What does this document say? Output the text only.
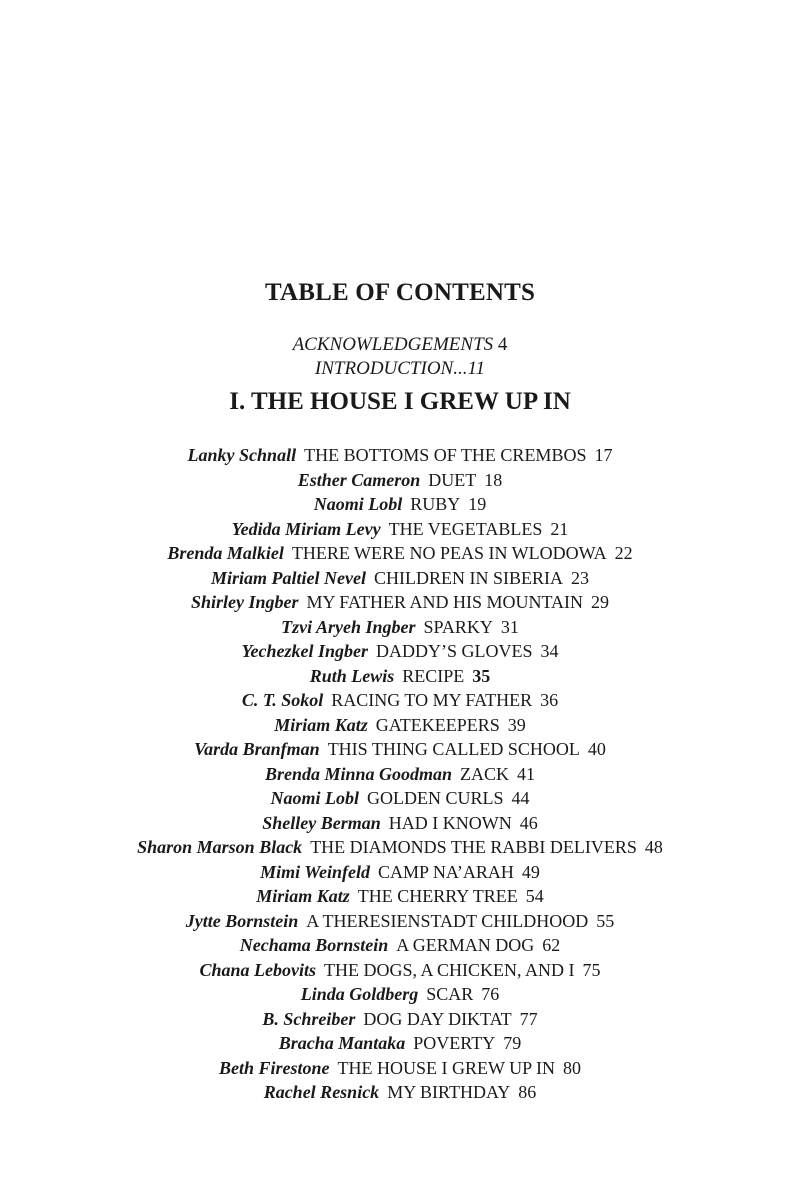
TABLE OF CONTENTS
ACKNOWLEDGEMENTS 4
INTRODUCTION...11
I. THE HOUSE I GREW UP IN
Lanky Schnall THE BOTTOMS OF THE CREMBOS 17
Esther Cameron DUET 18
Naomi Lobl RUBY 19
Yedida Miriam Levy THE VEGETABLES 21
Brenda Malkiel THERE WERE NO PEAS IN WLODOWA 22
Miriam Paltiel Nevel CHILDREN IN SIBERIA 23
Shirley Ingber MY FATHER AND HIS MOUNTAIN 29
Tzvi Aryeh Ingber SPARKY 31
Yechezkel Ingber DADDY’S GLOVES 34
Ruth Lewis RECIPE 35
C. T. Sokol RACING TO MY FATHER 36
Miriam Katz GATEKEEPERS 39
Varda Branfman THIS THING CALLED SCHOOL 40
Brenda Minna Goodman ZACK 41
Naomi Lobl GOLDEN CURLS 44
Shelley Berman HAD I KNOWN 46
Sharon Marson Black THE DIAMONDS THE RABBI DELIVERS 48
Mimi Weinfeld CAMP NA’ARAH 49
Miriam Katz THE CHERRY TREE 54
Jytte Bornstein A THERESIENSTADT CHILDHOOD 55
Nechama Bornstein A GERMAN DOG 62
Chana Lebovits THE DOGS, A CHICKEN, AND I 75
Linda Goldberg SCAR 76
B. Schreiber DOG DAY DIKTAT 77
Bracha Mantaka POVERTY 79
Beth Firestone THE HOUSE I GREW UP IN 80
Rachel Resnick MY BIRTHDAY 86
